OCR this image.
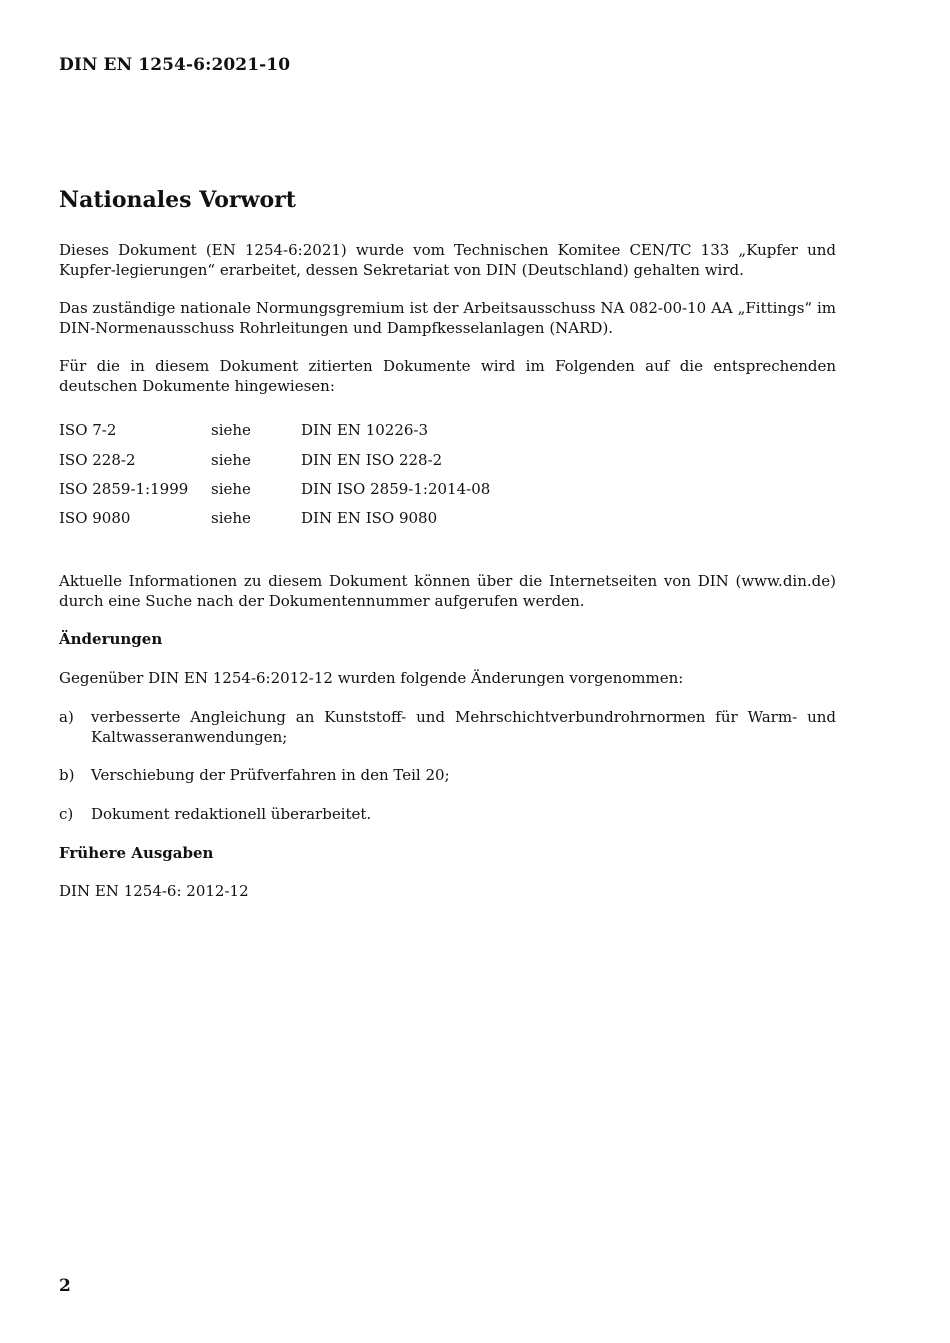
DIN EN 1254-6:2021-10
Nationales Vorwort
Dieses Dokument (EN 1254-6:2021) wurde vom Technischen Komitee CEN/TC 133 „Kupfer und Kupfer-legierungen“ erarbeitet, dessen Sekretariat von DIN (Deutschland) gehalten wird.
Das zuständige nationale Normungsgremium ist der Arbeitsausschuss NA 082-00-10 AA „Fittings“ im DIN-Normenausschuss Rohrleitungen und Dampfkesselanlagen (NARD).
Für die in diesem Dokument zitierten Dokumente wird im Folgenden auf die entsprechenden deutschen Dokumente hingewiesen:
ISO 7-2	siehe	DIN EN 10226-3
ISO 228-2	siehe	DIN EN ISO 228-2
ISO 2859-1:1999 siehe	DIN ISO 2859-1:2014-08
ISO 9080	siehe	DIN EN ISO 9080
Aktuelle Informationen zu diesem Dokument können über die Internetseiten von DIN (www.din.de) durch eine Suche nach der Dokumentennummer aufgerufen werden.
Änderungen
Gegenüber DIN EN 1254-6:2012-12 wurden folgende Änderungen vorgenommen:
a) verbesserte Angleichung an Kunststoff- und Mehrschichtverbundrohrnormen für Warm- und Kaltwasseranwendungen;
b) Verschiebung der Prüfverfahren in den Teil 20;
c) Dokument redaktionell überarbeitet.
Frühere Ausgaben
DIN EN 1254-6: 2012-12
2
